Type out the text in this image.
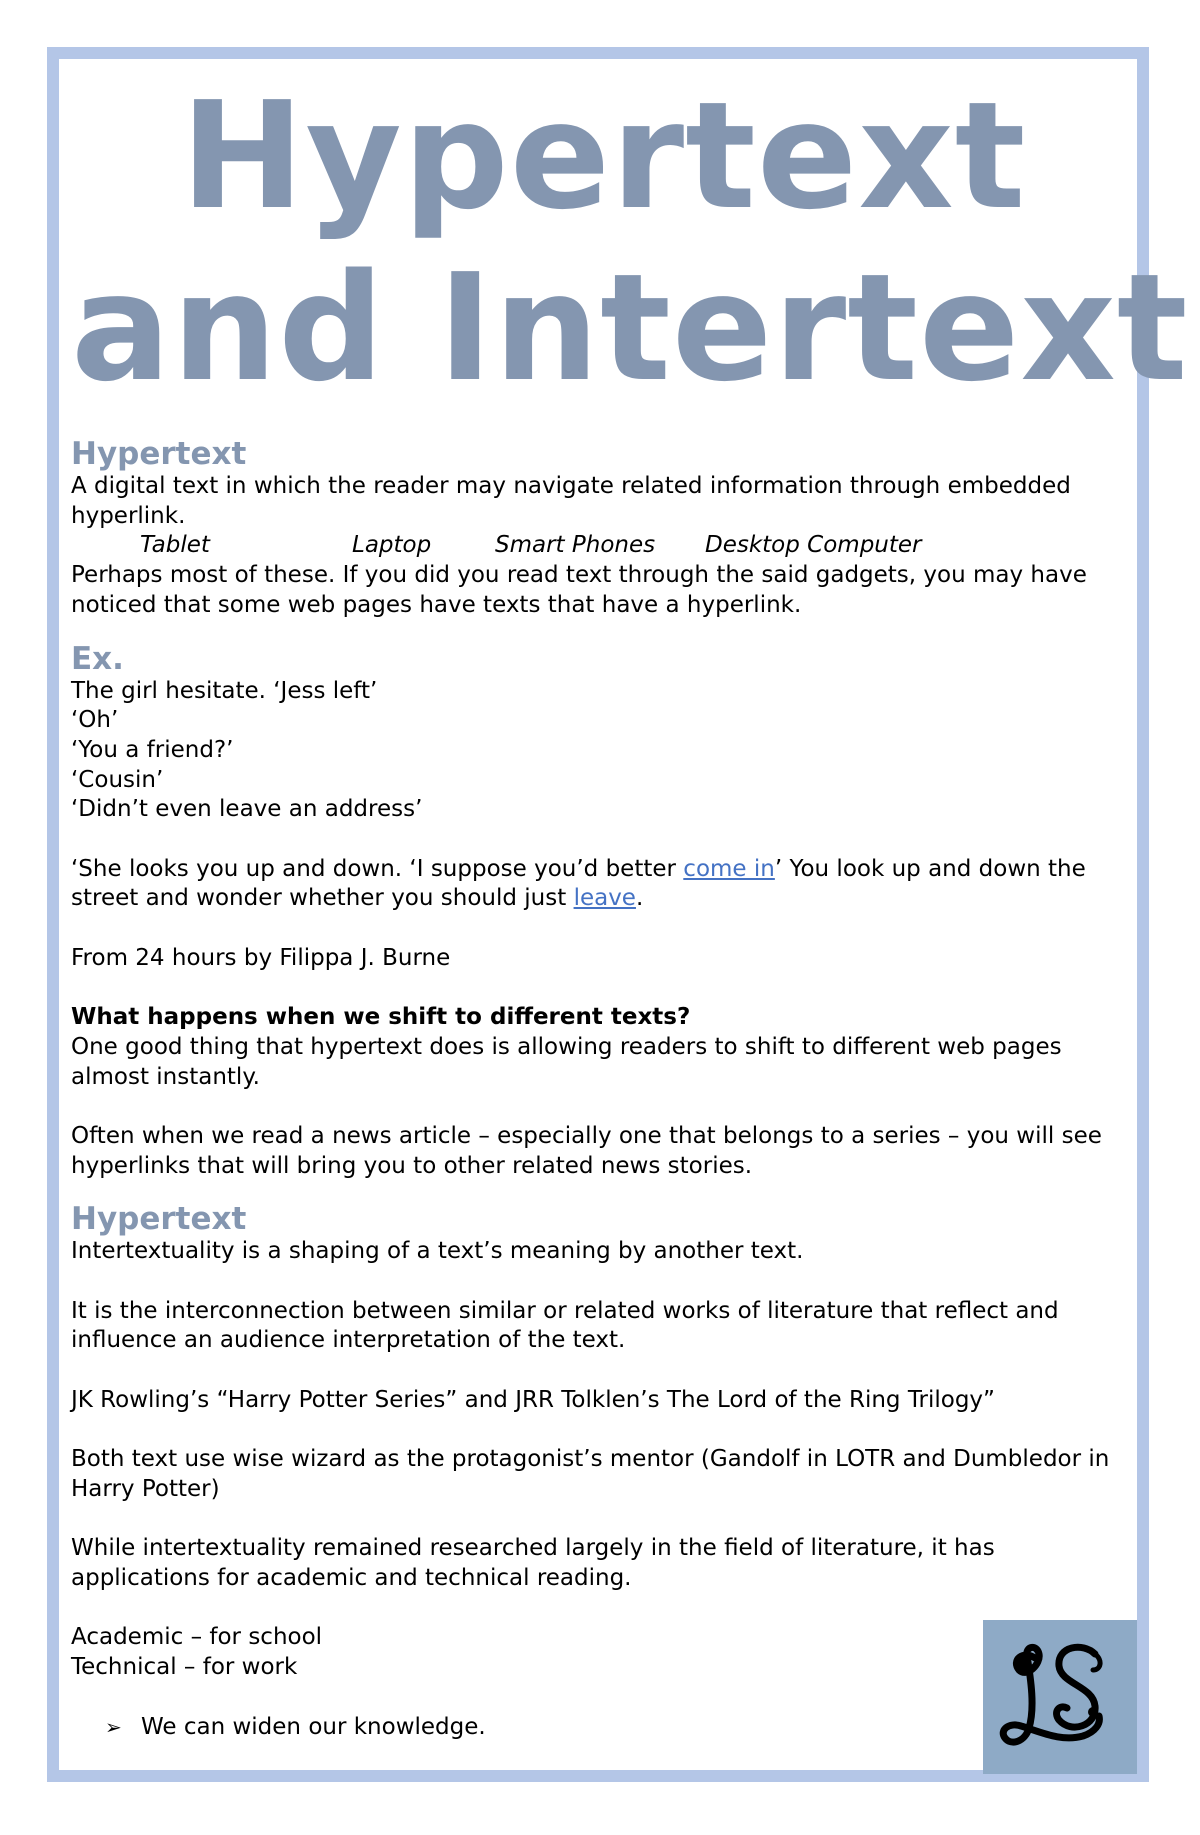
Hypertext
and Intertext
Hypertext

A digital text in which the reader may navigate related information through embedded hyperlink.

Tablet	Laptop	Smart Phones Desktop Computer

Perhaps most of these. If you did you read text through the said gadgets, you may have noticed that some web pages have texts that have a hyperlink.

Ex.

The girl hesitate. ‘Jess left’

‘Oh’

‘You a friend?’

‘Cousin’

‘Didn’t even leave an address’

‘She looks you up and down. ‘I suppose you’d better come in’ You look up and down the street and wonder whether you should just leave.

From 24 hours by Filippa J. Burne

What happens when we shift to different texts?

One good thing that hypertext does is allowing readers to shift to different web pages almost instantly.

Often when we read a news article – especially one that belongs to a series – you will see hyperlinks that will bring you to other related news stories.

Hypertext

Intertextuality is a shaping of a text’s meaning by another text.

It is the interconnection between similar or related works of literature that reflect and influence an audience interpretation of the text.

JK Rowling’s “Harry Potter Series” and JRR Tolklen’s The Lord of the Ring Trilogy”

Both text use wise wizard as the protagonist’s mentor (Gandolf in LOTR and Dumbledor in Harry Potter)

While intertextuality remained researched largely in the field of literature, it has applications for academic and technical reading.

Academic – for school

Technical – for work

➢ We can widen our knowledge.
